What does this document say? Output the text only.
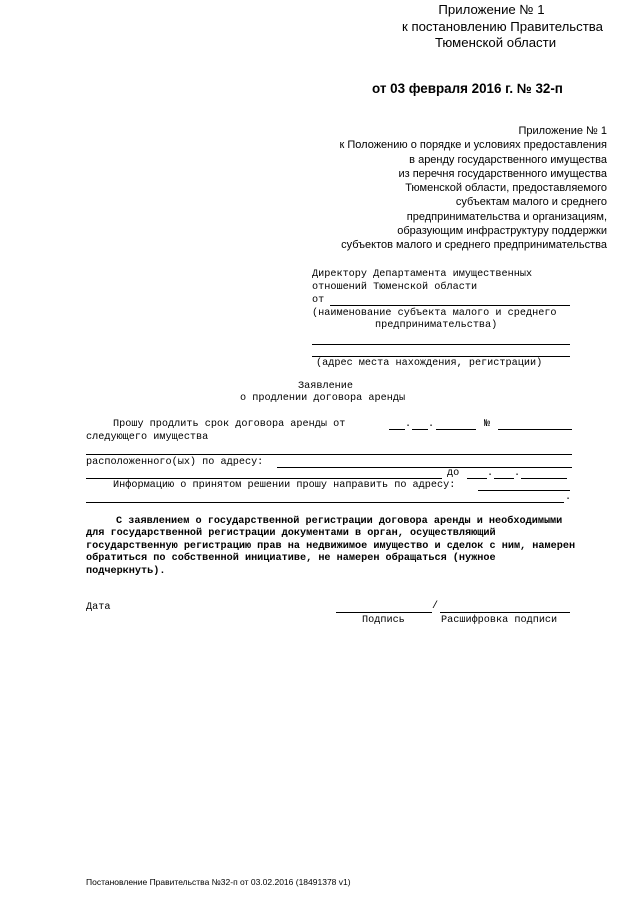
Приложение № 1
к постановлению Правительства
Тюменской области
от 03 февраля 2016 г. № 32-п
Приложение № 1
к Положению о порядке и условиях предоставления
в аренду государственного имущества
из перечня государственного имущества
Тюменской области, предоставляемого
субъектам малого и среднего
предпринимательства и организациям,
образующим инфраструктуру поддержки
субъектов малого и среднего предпринимательства
Директору Департамента имущественных
отношений Тюменской области
от
(наименование субъекта малого и среднего
предпринимательства)
(адрес места нахождения, регистрации)
Заявление
о продлении договора аренды
Прошу продлить срок договора аренды от	. .	№
следующего имущества
расположенного(ых) по адресу:
до	. .
Информацию о принятом решении прошу направить по адресу:
.
С заявлением о государственной регистрации договора аренды и необходимыми
для государственной регистрации документами в орган, осуществляющий
государственную регистрацию прав на недвижимое имущество и сделок с ним, намерен
обратиться по собственной инициативе, не намерен обращаться (нужное
подчеркнуть).
Дата	/
Подпись	Расшифровка подписи
Постановление Правительства №32-п от 03.02.2016 (18491378 v1)
